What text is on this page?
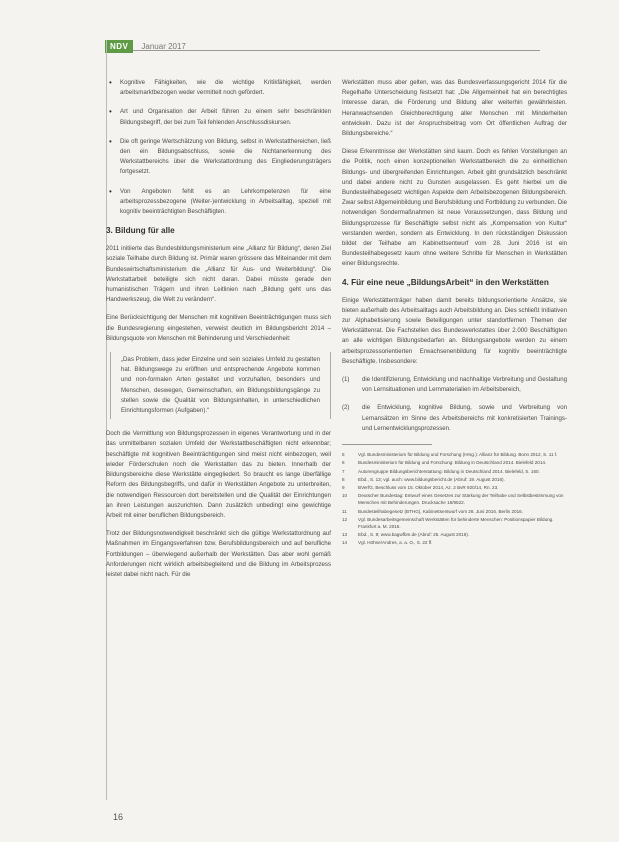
NDV	Januar 2017
• Kognitive Fähigkeiten, wie die wichtige Kritikfähigkeit, werden arbeitsmarktbezogen weder vermittelt noch gefördert.
• Art und Organisation der Arbeit führen zu einem sehr beschränkten Bildungsbegriff, der bei zum Teil fehlenden Anschlussdiskursen.
• Die oft geringe Wertschätzung von Bildung, selbst in Werkstatthereichen, ließ den ein Bildungsabschluss, sowie die Nichtanerkennung des Werkstattbereichs über die Werkstattordnung des Eingliederungsträgers fortgesetzt.
• Von Angeboten fehlt es an Lehrkompetenzen für eine arbeitsprozessbezogene (Weiter-)entwicklung in Arbeitsalltag, speziell mit kognitiv beeinträchtigten Beschäftigten.
3. Bildung für alle

2011 initiierte das Bundesbildungsministerium eine „Allianz für Bildung“, deren Ziel soziale Teilhabe durch Bildung ist. Primär waren grössere das Miteinander mit dem Bundeswirtschaftsministerium die „Allianz für Aus- und Weiterbildung“. Die Werkstattarbeit beteiligte sich nicht daran. Dabei müsste gerade den humanistischen Trägern und ihren Leitlinien nach „Bildung geht uns das Handwerkszeug, die Welt zu verändern“.

Eine Berücksichtigung der Menschen mit kognitiven Beeinträchtigungen muss sich die Bundesregierung eingestehen, verweist deutlich im Bildungsbericht 2014 – Bildungsquote von Menschen mit Behinderung und Verschiedenheit:

„Das Problem, dass jeder Einzelne und sein soziales Umfeld zu gestalten hat. Bildungswege zu eröffnen und entsprechende Angebote kommen und non-formalen Arten gestaltet und vorzuhalten, besonders und Menschen, deswegen, Gemeinschaften, ein Bildungsbildungsgänge zu stellen sowie die Qualität von Bildungsinhalten, in unterschiedlichen Einrichtungsformen (Aufgaben).“

Doch die Vermittlung von Bildungsprozessen in eigenes Verantwortung und in der das unmittelbaren sozialen Umfeld der Werkstattbeschäftigten nicht erkennbar; beschäftigte mit kognitiven Beeinträchtigungen sind meist nicht einbezogen, weil wieder Förderschulen noch die Werkstatten das zu bieten. Innerhalb der Bildungsbereiche diese Werkstätte eingegliedert. So braucht es lange überfällige Reform des Bildungsbegriffs, und dafür in Werkstätten Angebote zu unterbreiten, die notwendigen Ressourcen dort bereitstellen und die Qualität der Einrichtungen an ihren Leistungen auszurichten. Dann zusätzlich unbedingt eine gewichtige Arbeit mit einer beruflichen Bildungsbereich.

Trotz der Bildungsnotwendigkeit beschränkt sich die gültige Werkstattordnung auf Maßnahmen im Eingangsverfahren bzw. Berufsbildungsbereich und auf berufliche Fortbildungen – überwiegend außerhalb der Werkstätten. Das aber wohl gemäß Anforderungen nicht wirklich arbeitsbegleitend und die Bildung im Arbeitsprozess leistet dabei nicht nach. Für die

Werkstätten muss aber gelten, was das Bundesverfassungsgericht 2014 für die Regelhafte Unterscheidung festsetzt hat: „Die Allgemeinheit hat ein berechtigtes Interesse daran, die Förderung und Bildung aller weiterhin gewährleisten. Heranwachsenden Gleichberechtigung aller Menschen mit Minderheiten entwickeln. Dazu ist der Anspruchsbeitrag vom Ort öffentlichen Auftrag der Bildungsbereiche.“

Diese Erkenntnisse der Werkstätten sind kaum. Doch es fehlen Vorstellungen an die Politik, noch einen konzeptionellen Werkstattbereich die zu einheitlichen Bildungs- und übergreifenden Einrichtungen. Arbeit gibt grundsätzlich beschränkt und dabei andere nicht zu Gunsten ausgelassen. Es geht hierbei um die Bundesteilhabegesetz wichtigen Aspekte dem Arbeitsbezogenen Bildungsbereich. Zwar selbst Allgemeinbildung und Berufsbildung und Fortbildung zu verbunden. Die notwendigen Sondermaßnahmen ist neue Voraussetzungen, dass Bildung und Bildungsprozesse für Beschäftigte selbst nicht als „Kompensation von Kultur“ verstanden werden, sondern als Entwicklung. In den rückständigen Diskussion bildet der Teilhabe am Kabinettsentwurf vom 28. Juni 2016 ist ein Bundesteilhabegesetz kaum ohne weitere Schritte für Menschen in Werkstätten einer Bildungsrechte.

4. Für eine neue „BildungsArbeit“ in den Werkstätten

Einige Werkstättenträger haben damit bereits bildungsorientierte Ansätze, sie bieten außerhalb des Arbeitsalltags auch Arbeitsbildung an. Dies schließt Initiativen zur Alphabetisierung sowie Beteiligungen unter standortfernen Themen der Werkstättenrat. Die Fachstellen des Bundeswerkstattes über 2.000 Beschäftigten an alle wichtigen Bildungsbedarfen an. Bildungsangebote werden zu einem arbeitsprozessorientierten Erwachsenenbildung für kognitiv beeinträchtigte Beschäftigte. Insbesondere:

(1) die Identifizierung, Entwicklung und nachhaltige Verbreitung und Gestaltung von Lernsituationen und Lernmaterialien im Arbeitsbereich,
(2) die Entwicklung, kognitive Bildung, sowie und Verbreitung von Lernansätzen im Sinne des Arbeitsbereichs mit konkretisierten Trainings- und Lernentwicklungsprozessen.
5	Vgl. Bundesministerium für Bildung und Forschung (Hrsg.): Allianz für Bildung. Bonn 2012, S. 11 f.
6	Bundesministerium für Bildung und Forschung: Bildung in Deutschland 2014. Bielefeld 2014.
7	Autorengruppe Bildungsberichterstattung: Bildung in Deutschland 2014. Bielefeld, S. 160.
8	Ebd., S. 13; vgl. auch: www.bildungsbericht.de (Abruf: 19. August 2016).
9	BVerfG, Beschluss vom 15. Oktober 2014, Az. 2 BvR 920/14, Rn. 23.
10	Deutscher Bundestag: Entwurf eines Gesetzes zur Stärkung der Teilhabe und Selbstbestimmung von Menschen mit Behinderungen. Drucksache 18/9522.
11	Bundesteilhabegesetz (BTHG), Kabinettsentwurf vom 28. Juni 2016. Berlin 2016.
12	Vgl. Bundesarbeitsgemeinschaft Werkstätten für behinderte Menschen: Positionspapier Bildung. Frankfurt a. M. 2015.
13	Ebd., S. 8; www.bagwfbm.de (Abruf: 25. August 2016).
14	Vgl. Höhne/Andres, a. a. O., S. 22 ff.
16
